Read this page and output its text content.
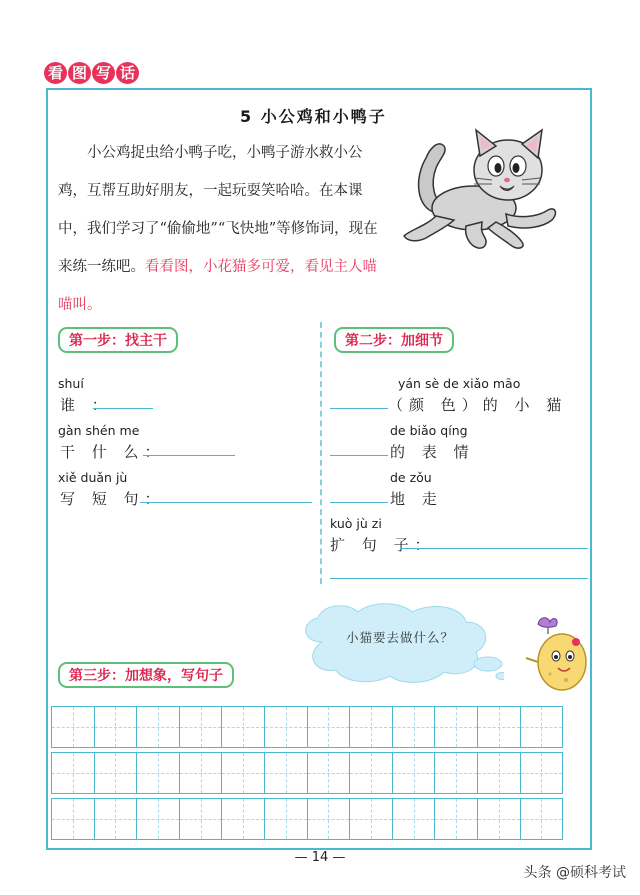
看 图 写 话
5 小公鸡和小鸭子
小公鸡捉虫给小鸭子吃，小鸭子游水救小公鸡，互帮互助好朋友，一起玩耍笑哈哈。在本课中，我们学习了“偷偷地”“飞快地”等修饰词，现在来练一练吧。看看图，小花猫多可爱，看见主人喵喵叫。
第一步：找主干	第二步：加细节
shuí
谁 ：
gàn shén me
干 什 么：
xiě duǎn jù
写 短 句：
yán sè de xiǎo māo
（颜 色）的 小 猫
de biǎo qíng
的 表 情
de zǒu
地 走
kuò jù zi
扩 句 子：
小猫要去做什么？
第三步：加想象，写句子
— 14 —
头条 @硕科考试
